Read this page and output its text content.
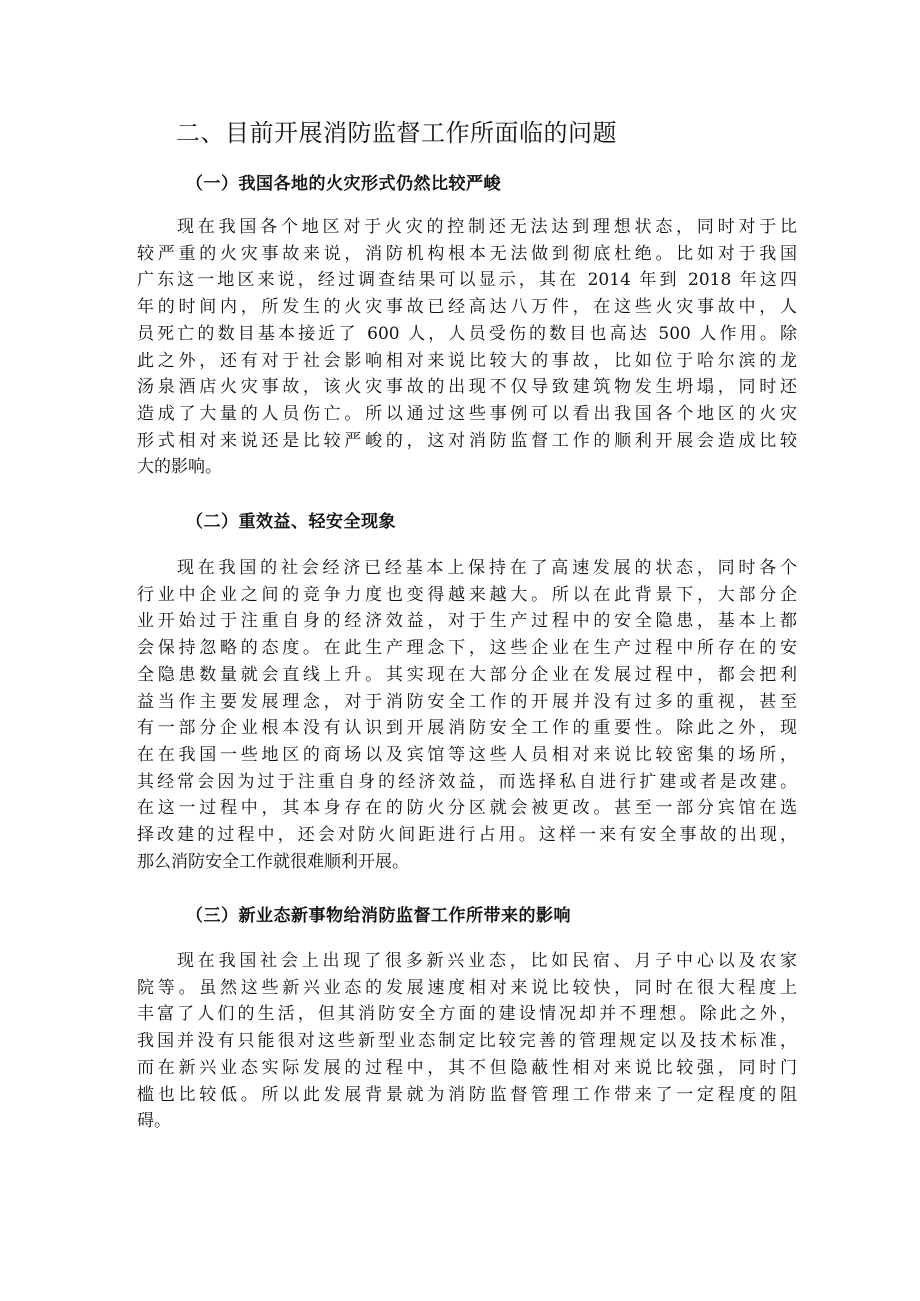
二、目前开展消防监督工作所面临的问题
（一）我国各地的火灾形式仍然比较严峻
现在我国各个地区对于火灾的控制还无法达到理想状态，同时对于比
较严重的火灾事故来说，消防机构根本无法做到彻底杜绝。比如对于我国
广东这一地区来说，经过调查结果可以显示，其在 2014 年到 2018 年这四
年的时间内，所发生的火灾事故已经高达八万件，在这些火灾事故中，人
员死亡的数目基本接近了 600 人，人员受伤的数目也高达 500 人作用。除
此之外，还有对于社会影响相对来说比较大的事故，比如位于哈尔滨的龙
汤泉酒店火灾事故，该火灾事故的出现不仅导致建筑物发生坍塌，同时还
造成了大量的人员伤亡。所以通过这些事例可以看出我国各个地区的火灾
形式相对来说还是比较严峻的，这对消防监督工作的顺利开展会造成比较
大的影响。
（二）重效益、轻安全现象
现在我国的社会经济已经基本上保持在了高速发展的状态，同时各个
行业中企业之间的竞争力度也变得越来越大。所以在此背景下，大部分企
业开始过于注重自身的经济效益，对于生产过程中的安全隐患，基本上都
会保持忽略的态度。在此生产理念下，这些企业在生产过程中所存在的安
全隐患数量就会直线上升。其实现在大部分企业在发展过程中，都会把利
益当作主要发展理念，对于消防安全工作的开展并没有过多的重视，甚至
有一部分企业根本没有认识到开展消防安全工作的重要性。除此之外，现
在在我国一些地区的商场以及宾馆等这些人员相对来说比较密集的场所，
其经常会因为过于注重自身的经济效益，而选择私自进行扩建或者是改建。
在这一过程中，其本身存在的防火分区就会被更改。甚至一部分宾馆在选
择改建的过程中，还会对防火间距进行占用。这样一来有安全事故的出现，
那么消防安全工作就很难顺利开展。
（三）新业态新事物给消防监督工作所带来的影响
现在我国社会上出现了很多新兴业态，比如民宿、月子中心以及农家
院等。虽然这些新兴业态的发展速度相对来说比较快，同时在很大程度上
丰富了人们的生活，但其消防安全方面的建设情况却并不理想。除此之外，
我国并没有只能很对这些新型业态制定比较完善的管理规定以及技术标准，
而在新兴业态实际发展的过程中，其不但隐蔽性相对来说比较强，同时门
槛也比较低。所以此发展背景就为消防监督管理工作带来了一定程度的阻
碍。
